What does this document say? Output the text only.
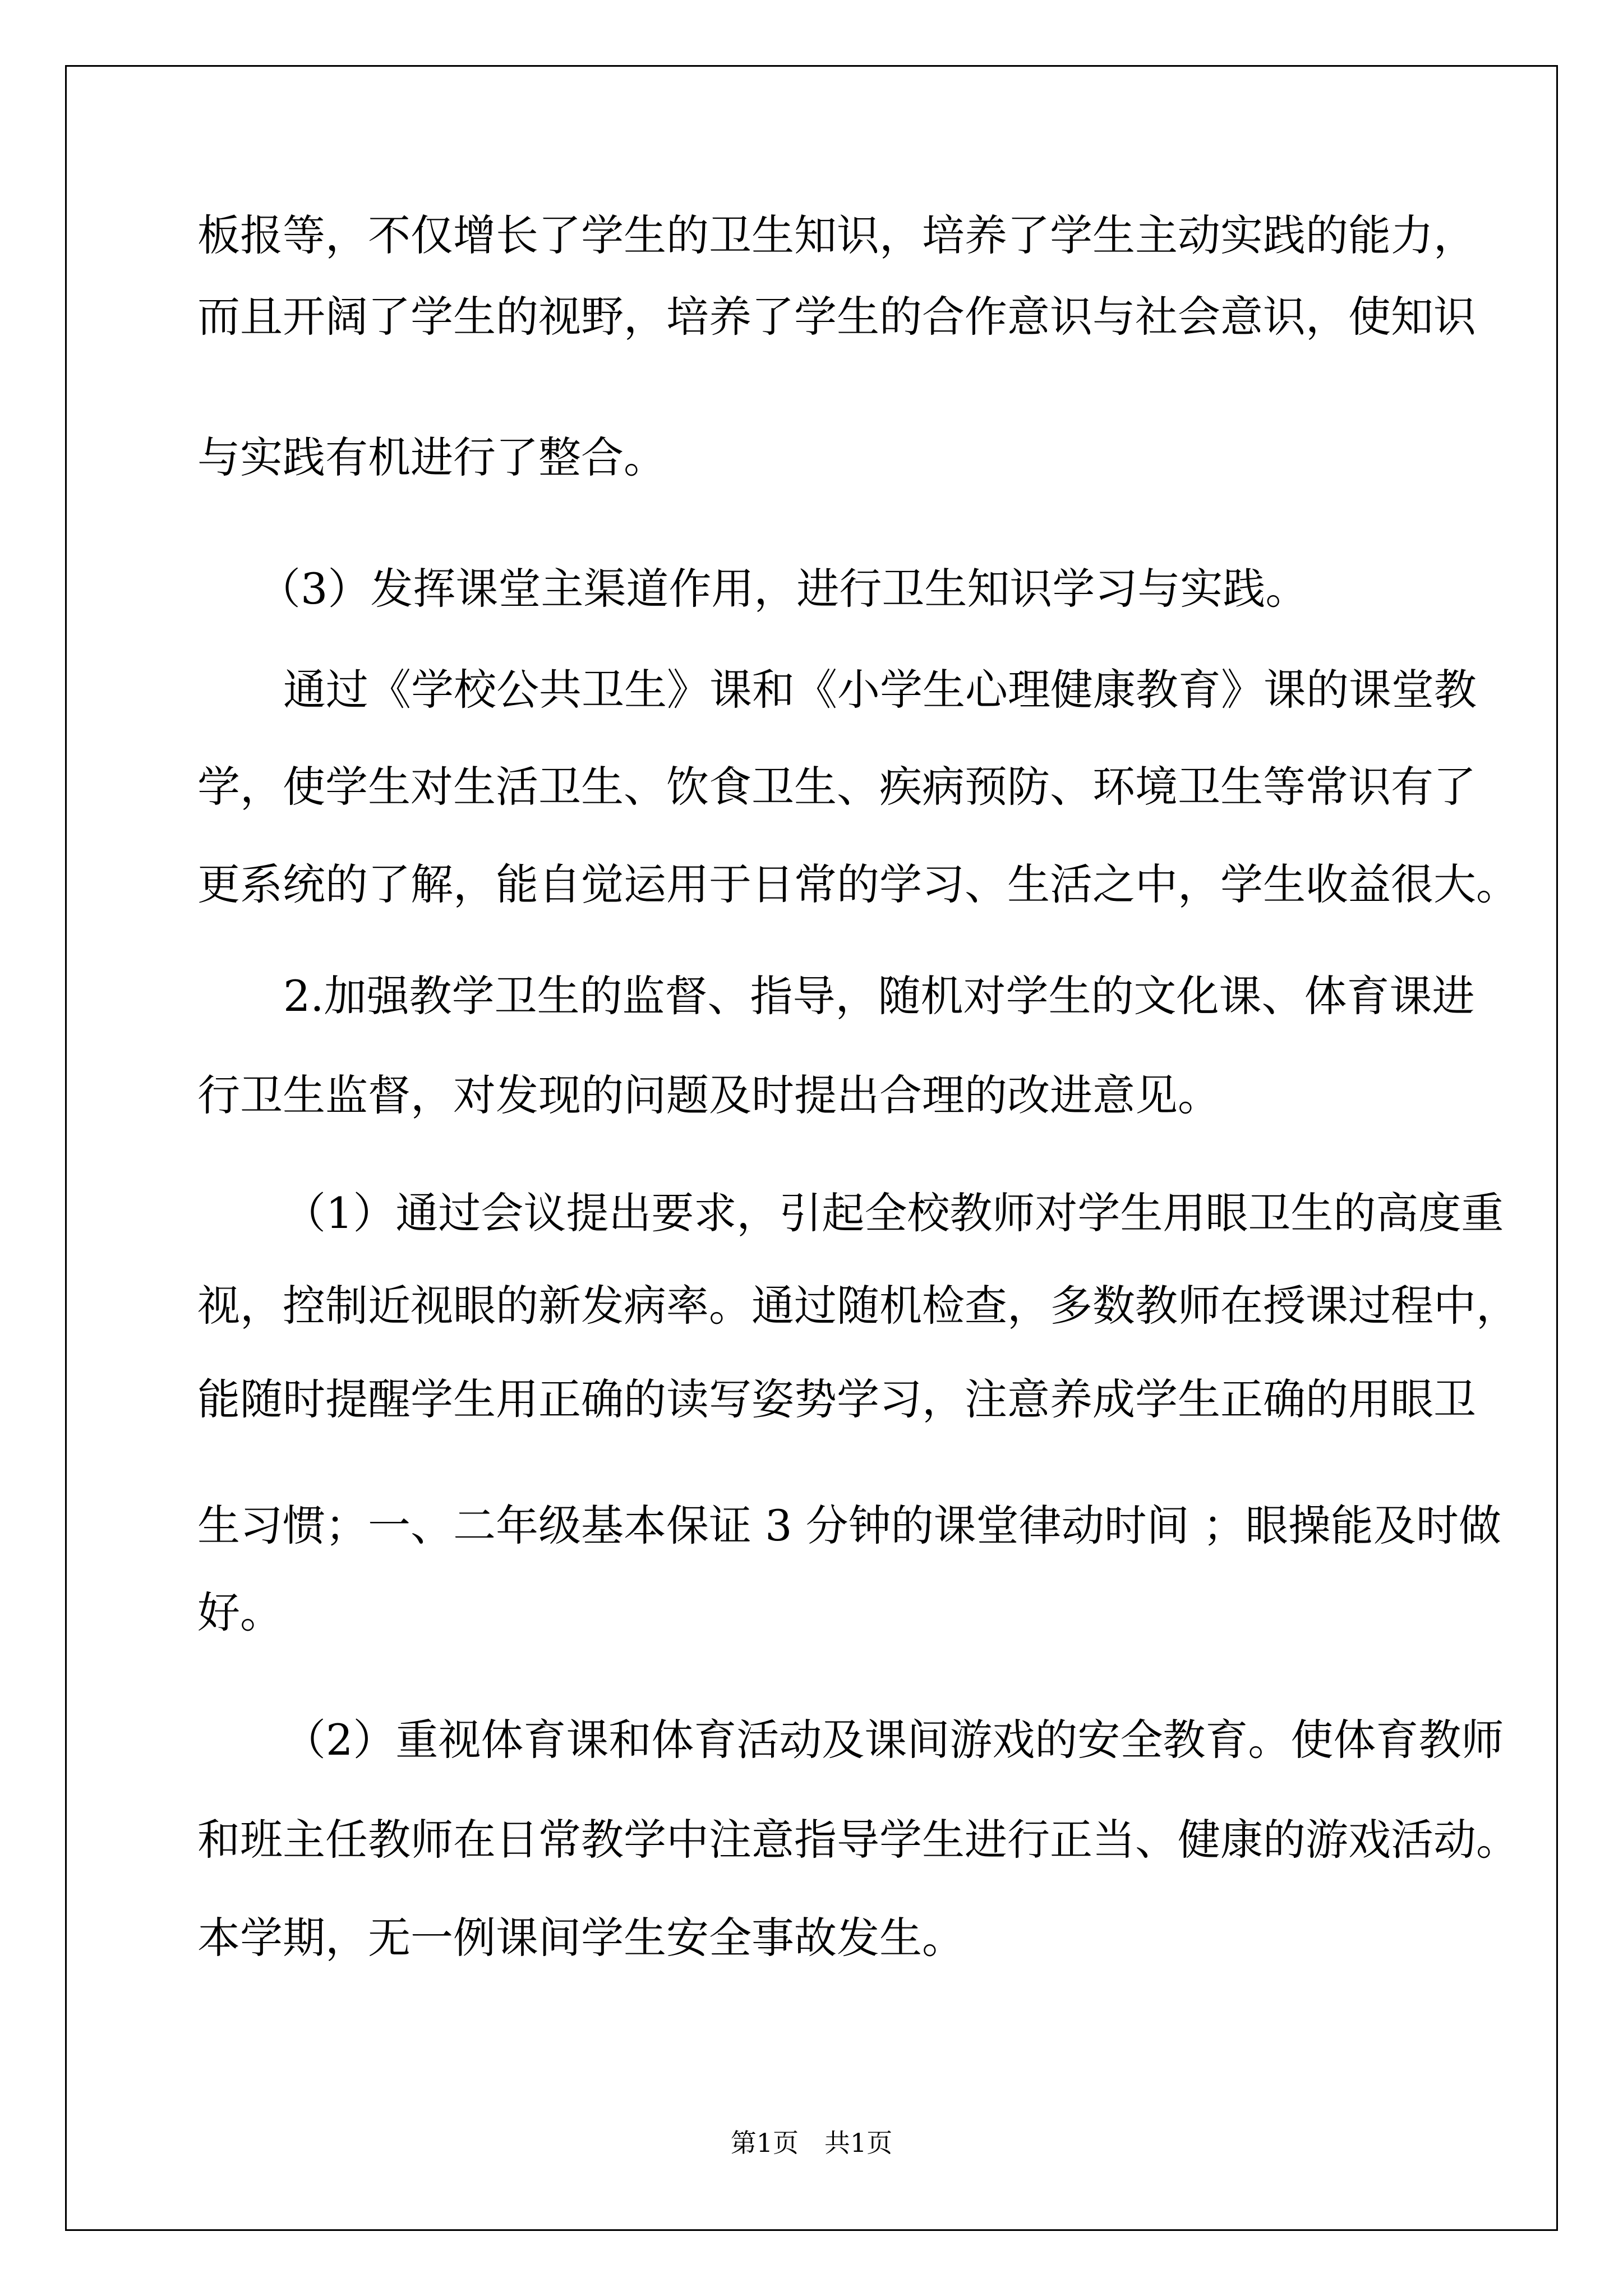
板报等，不仅增长了学生的卫生知识，培养了学生主动实践的能力，
而且开阔了学生的视野，培养了学生的合作意识与社会意识，使知识
与实践有机进行了整合。
（3）发挥课堂主渠道作用，进行卫生知识学习与实践。
通过《学校公共卫生》课和《小学生心理健康教育》课的课堂教
学，使学生对生活卫生、饮食卫生、疾病预防、环境卫生等常识有了
更系统的了解，能自觉运用于日常的学习、生活之中，学生收益很大。
2.加强教学卫生的监督、指导，随机对学生的文化课、体育课进
行卫生监督，对发现的问题及时提出合理的改进意见。
（1）通过会议提出要求，引起全校教师对学生用眼卫生的高度重
视，控制近视眼的新发病率。通过随机检查，多数教师在授课过程中，
能随时提醒学生用正确的读写姿势学习，注意养成学生正确的用眼卫
生习惯；一、二年级基本保证 3 分钟的课堂律动时间 ；眼操能及时做
好。
（2）重视体育课和体育活动及课间游戏的安全教育。使体育教师
和班主任教师在日常教学中注意指导学生进行正当、健康的游戏活动。
本学期，无一例课间学生安全事故发生。
第1页　共1页
